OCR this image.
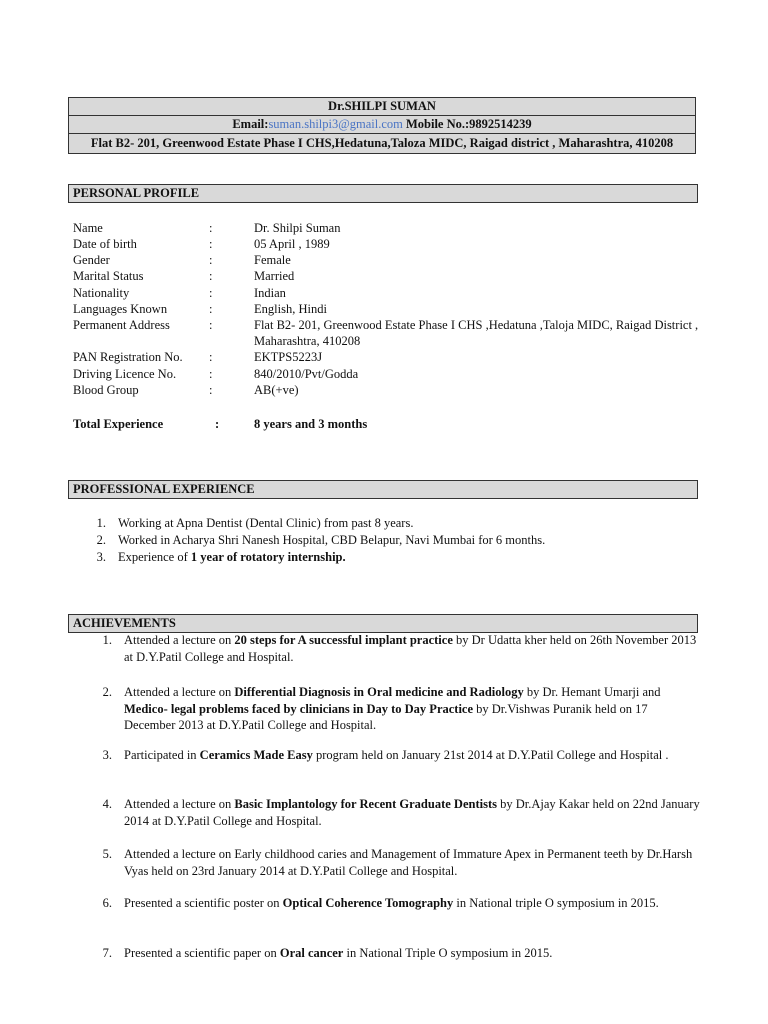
Dr.SHILPI SUMAN
Email:suman.shilpi3@gmail.com Mobile No.:9892514239
Flat B2- 201, Greenwood Estate Phase I CHS,Hedatuna,Taloza MIDC, Raigad district , Maharashtra, 410208
PERSONAL PROFILE
Name	:	Dr. Shilpi Suman
Date of birth	:	05 April , 1989
Gender	:	Female
Marital Status	:	Married
Nationality	:	Indian
Languages Known	:	English, Hindi
Permanent Address	:	Flat B2- 201, Greenwood Estate Phase I CHS ,Hedatuna ,Taloja MIDC, Raigad District , Maharashtra, 410208
PAN Registration No. :	EKTPS5223J
Driving Licence No.	:	840/2010/Pvt/Godda
Blood Group	:	AB(+ve)
Total Experience	:	8 years and 3 months
PROFESSIONAL EXPERIENCE
1. Working at Apna Dentist (Dental Clinic) from past 8 years.
2. Worked in Acharya Shri Nanesh Hospital, CBD Belapur, Navi Mumbai for 6 months.
3. Experience of 1 year of rotatory internship.
ACHIEVEMENTS
1. Attended a lecture on 20 steps for A successful implant practice by Dr Udatta kher held on 26th November 2013 at D.Y.Patil College and Hospital.
2. Attended a lecture on Differential Diagnosis in Oral medicine and Radiology by Dr. Hemant Umarji and Medico- legal problems faced by clinicians in Day to Day Practice by Dr.Vishwas Puranik held on 17 December 2013 at D.Y.Patil College and Hospital.
3. Participated in Ceramics Made Easy program held on January 21st 2014 at D.Y.Patil College and Hospital .
4. Attended a lecture on Basic Implantology for Recent Graduate Dentists by Dr.Ajay Kakar held on 22nd January 2014 at D.Y.Patil College and Hospital.
5. Attended a lecture on Early childhood caries and Management of Immature Apex in Permanent teeth by Dr.Harsh Vyas held on 23rd January 2014 at D.Y.Patil College and Hospital.
6. Presented a scientific poster on Optical Coherence Tomography in National triple O symposium in 2015.
7. Presented a scientific paper on Oral cancer in National Triple O symposium in 2015.
